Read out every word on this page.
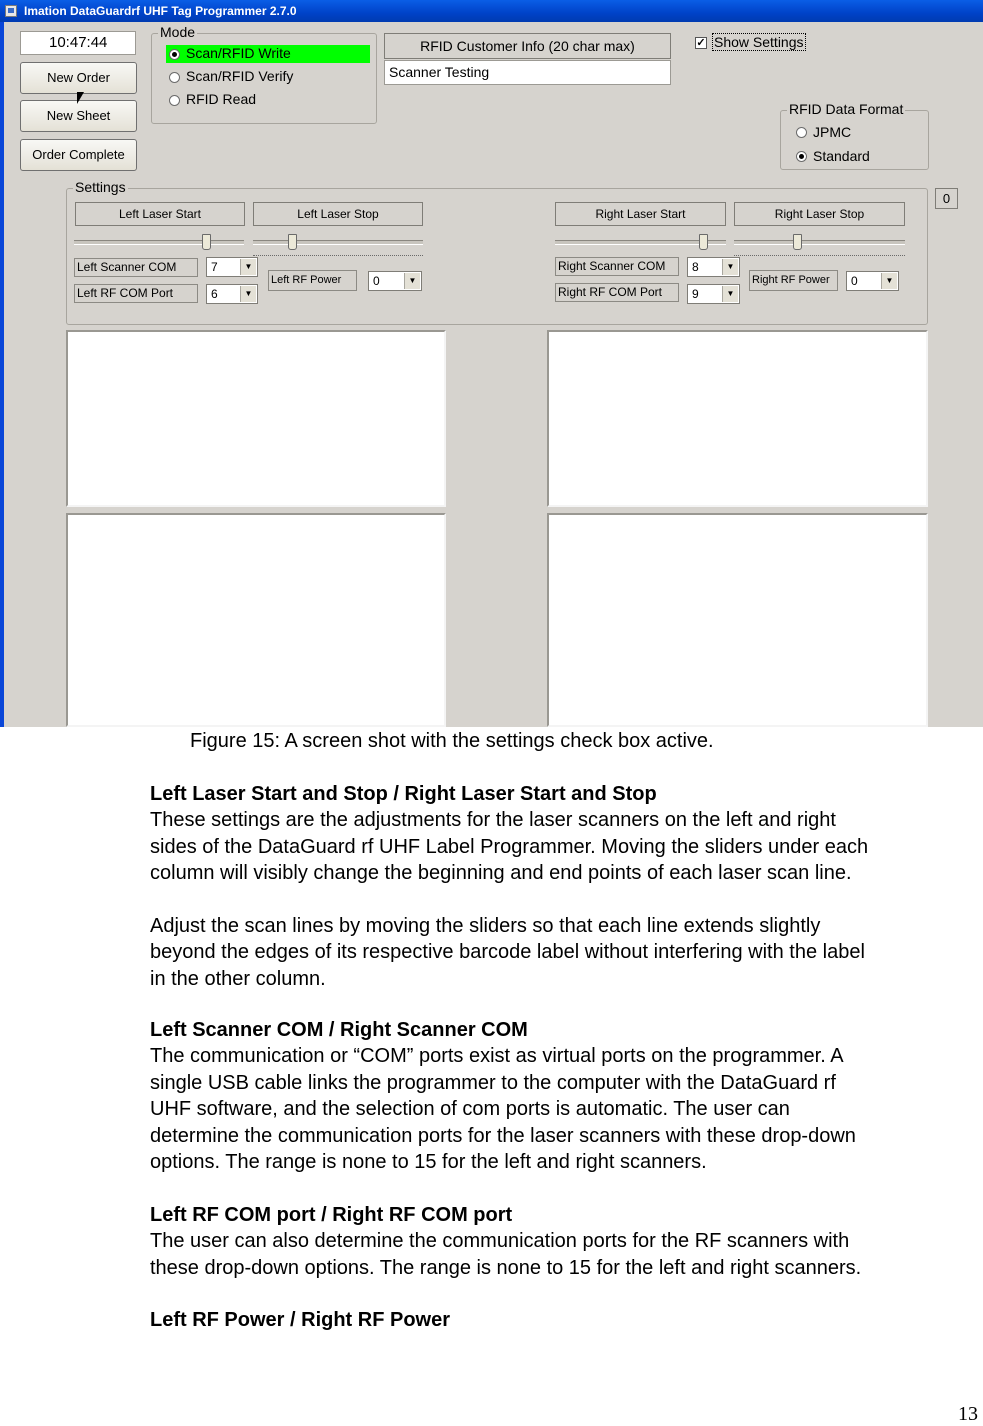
Imation DataGuardrf UHF Tag Programmer 2.7.0
10:47:44
New Order
New Sheet
Order Complete
Mode
Scan/RFID Write
Scan/RFID Verify
RFID Read
RFID Customer Info (20 char max)
Scanner Testing
✓ Show Settings
RFID Data Format
JPMC
Standard
0
Settings
Left Laser Start	Left Laser Stop	Right Laser Start	Right Laser Stop
Left Scanner COM	7	▼
Left RF COM Port	6	▼
Left RF Power	0	▼
Right Scanner COM	8	▼
Right RF COM Port	9	▼
Right RF Power	0	▼
Figure 15: A screen shot with the settings check box active.
Left Laser Start and Stop / Right Laser Start and Stop
These settings are the adjustments for the laser scanners on the left and right
sides of the DataGuard rf UHF Label Programmer. Moving the sliders under each
column will visibly change the beginning and end points of each laser scan line.
Adjust the scan lines by moving the sliders so that each line extends slightly
beyond the edges of its respective barcode label without interfering with the label
in the other column.
Left Scanner COM / Right Scanner COM
The communication or “COM” ports exist as virtual ports on the programmer. A
single USB cable links the programmer to the computer with the DataGuard rf
UHF software, and the selection of com ports is automatic. The user can
determine the communication ports for the laser scanners with these drop-down
options. The range is none to 15 for the left and right scanners.
Left RF COM port / Right RF COM port
The user can also determine the communication ports for the RF scanners with
these drop-down options. The range is none to 15 for the left and right scanners.
Left RF Power / Right RF Power
13
